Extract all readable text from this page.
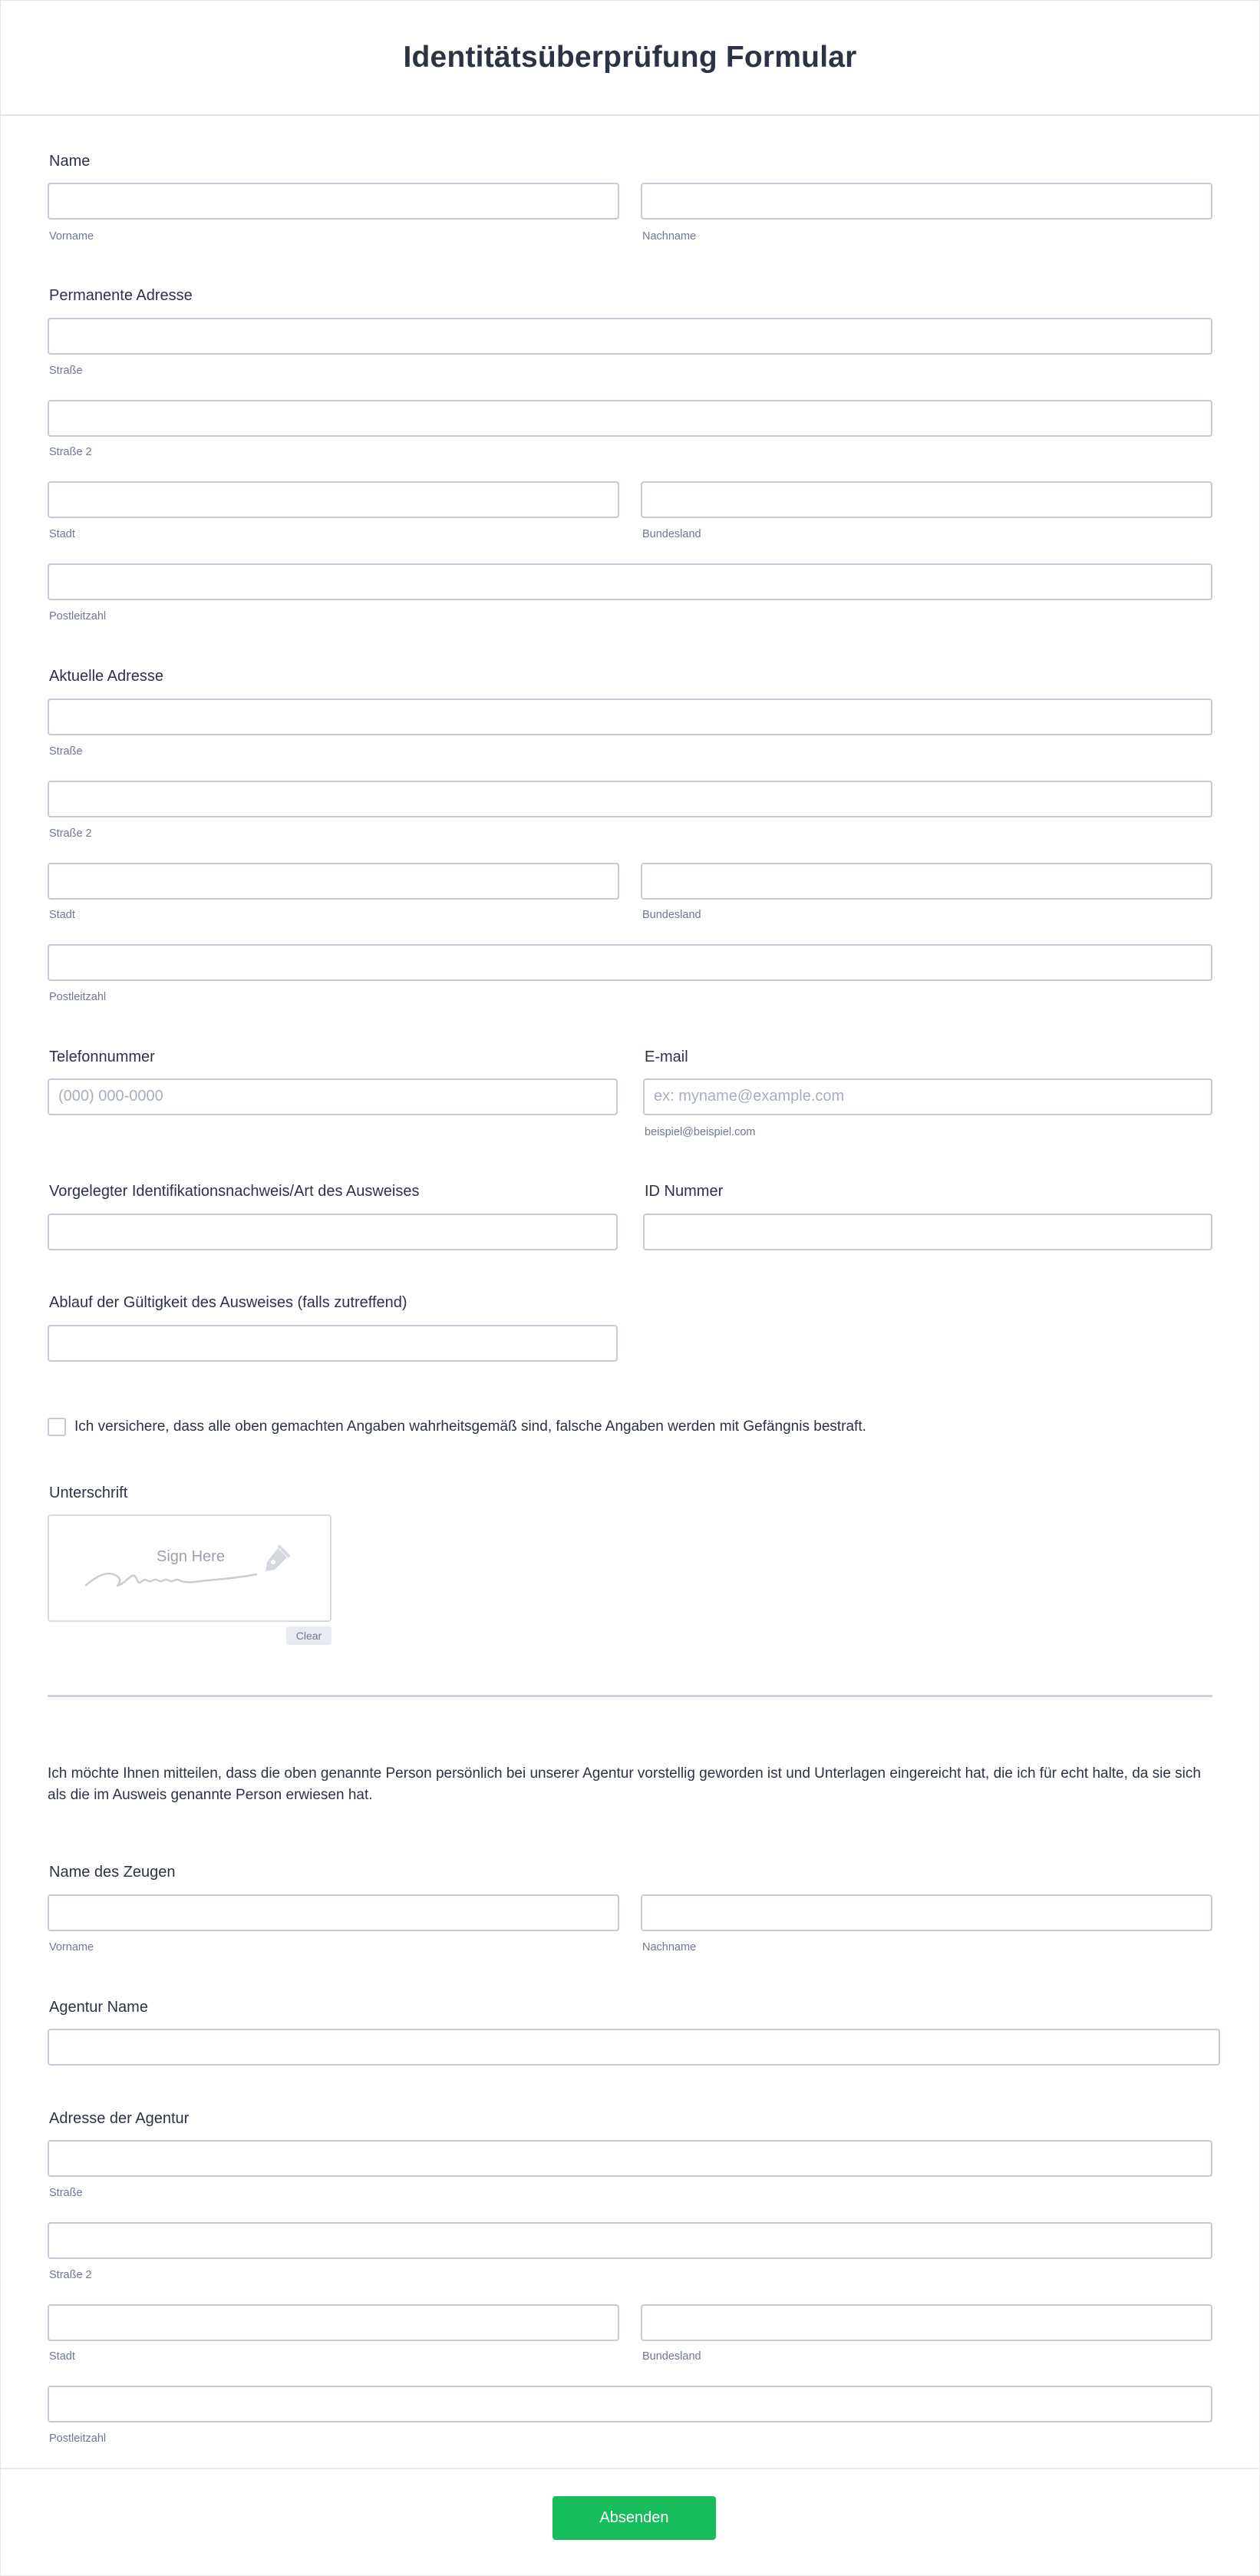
Identitätsüberprüfung Formular
Name
Vorname	Nachname
Permanente Adresse
Straße
Straße 2
Stadt	Bundesland
Postleitzahl
Aktuelle Adresse
Straße
Straße 2
Stadt	Bundesland
Postleitzahl
Telefonnummer
(000) 000-0000
E-mail
ex: myname@example.com
beispiel@beispiel.com
Vorgelegter Identifikationsnachweis/Art des Ausweises	ID Nummer
Ablauf der Gültigkeit des Ausweises (falls zutreffend)
Ich versichere, dass alle oben gemachten Angaben wahrheitsgemäß sind, falsche Angaben werden mit Gefängnis bestraft.
Unterschrift
Sign Here
Clear
Ich möchte Ihnen mitteilen, dass die oben genannte Person persönlich bei unserer Agentur vorstellig geworden ist und Unterlagen eingereicht hat, die ich für echt halte, da sie sich als die im Ausweis genannte Person erwiesen hat.
Name des Zeugen
Vorname	Nachname
Agentur Name
Adresse der Agentur
Straße
Straße 2
Stadt	Bundesland
Postleitzahl
Absenden
